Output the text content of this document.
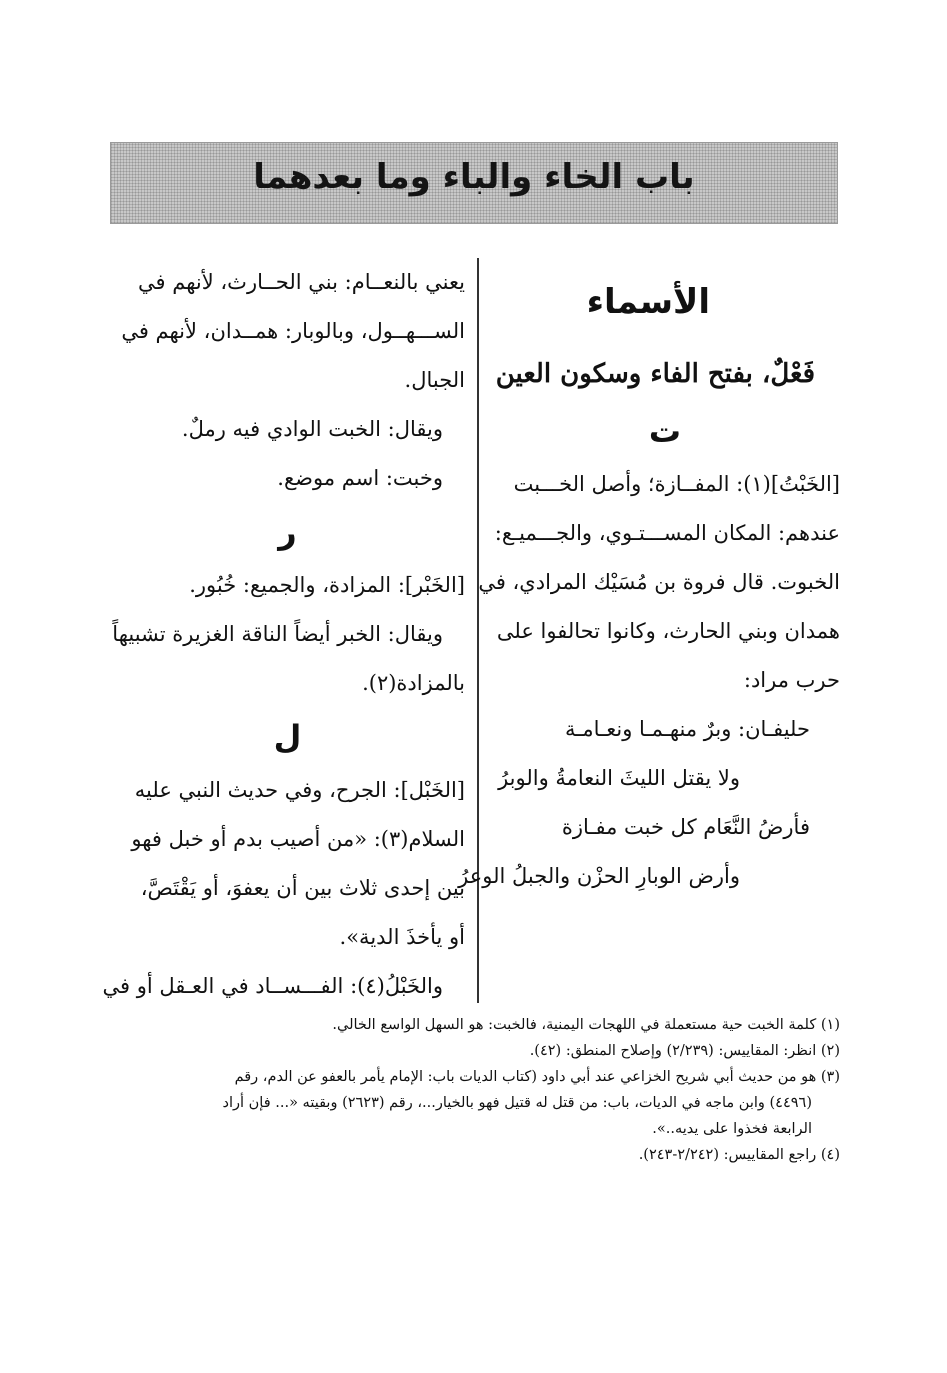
باب الخاء والباء وما بعدهما
الأسماء
فَعْلٌ، بفتح الفاء وسكون العين
ت
[الخَبْتُ](١): المفــازة؛ وأصل الخـــبت
عندهم: المكان المســـتـوي، والجـــميـع:
الخبوت. قال فروة بن مُسَيْك المرادي، في
همدان وبني الحارث، وكانوا تحالفوا على
حرب مراد:
حليفـان: وبرٌ منهـمـا ونعـامـة
ولا يقتل الليثَ النعامةُ والوبرُ
فأرضُ النَّعَام كل خبت مفـازة
وأرض الوبارِ الحزْن والجبلُ الوعرُ
يعني بالنعــام: بني الحــارث، لأنهم في
الســـهــول، وبالوبار: همــدان، لأنهم في
الجبال.
ويقال: الخبت الوادي فيه رملٌ.
وخبت: اسم موضع.
ر
[الخَبْر]: المزادة، والجميع: خُبُور.
ويقال: الخبر أيضاً الناقة الغزيرة تشبيهاً
بالمزادة(٢).
ل
[الخَبْل]: الجرح، وفي حديث النبي عليه
السلام(٣): «من أصيب بدم أو خبل فهو
بين إحدى ثلاث بين أن يعفوَ، أو يَقْتَصَّ،
أو يأخذَ الدية».
والخَبْلُ(٤): الفـــســاد في العـقل أو في
(١) كلمة الخبت حية مستعملة في اللهجات اليمنية، فالخبت: هو السهل الواسع الخالي.
(٢) انظر: المقاييس: (٢/٢٣٩) وإصلاح المنطق: (٤٢).
(٣) هو من حديث أبي شريح الخزاعي عند أبي داود (كتاب الديات باب: الإمام يأمر بالعفو عن الدم، رقم
(٤٤٩٦) وابن ماجه في الديات، باب: من قتل له قتيل فهو بالخيار...، رقم (٢٦٢٣) وبقيته «... فإن أراد
الرابعة فخذوا على يديه..».
(٤) راجع المقاييس: (٢/٢٤٢-٢٤٣).
